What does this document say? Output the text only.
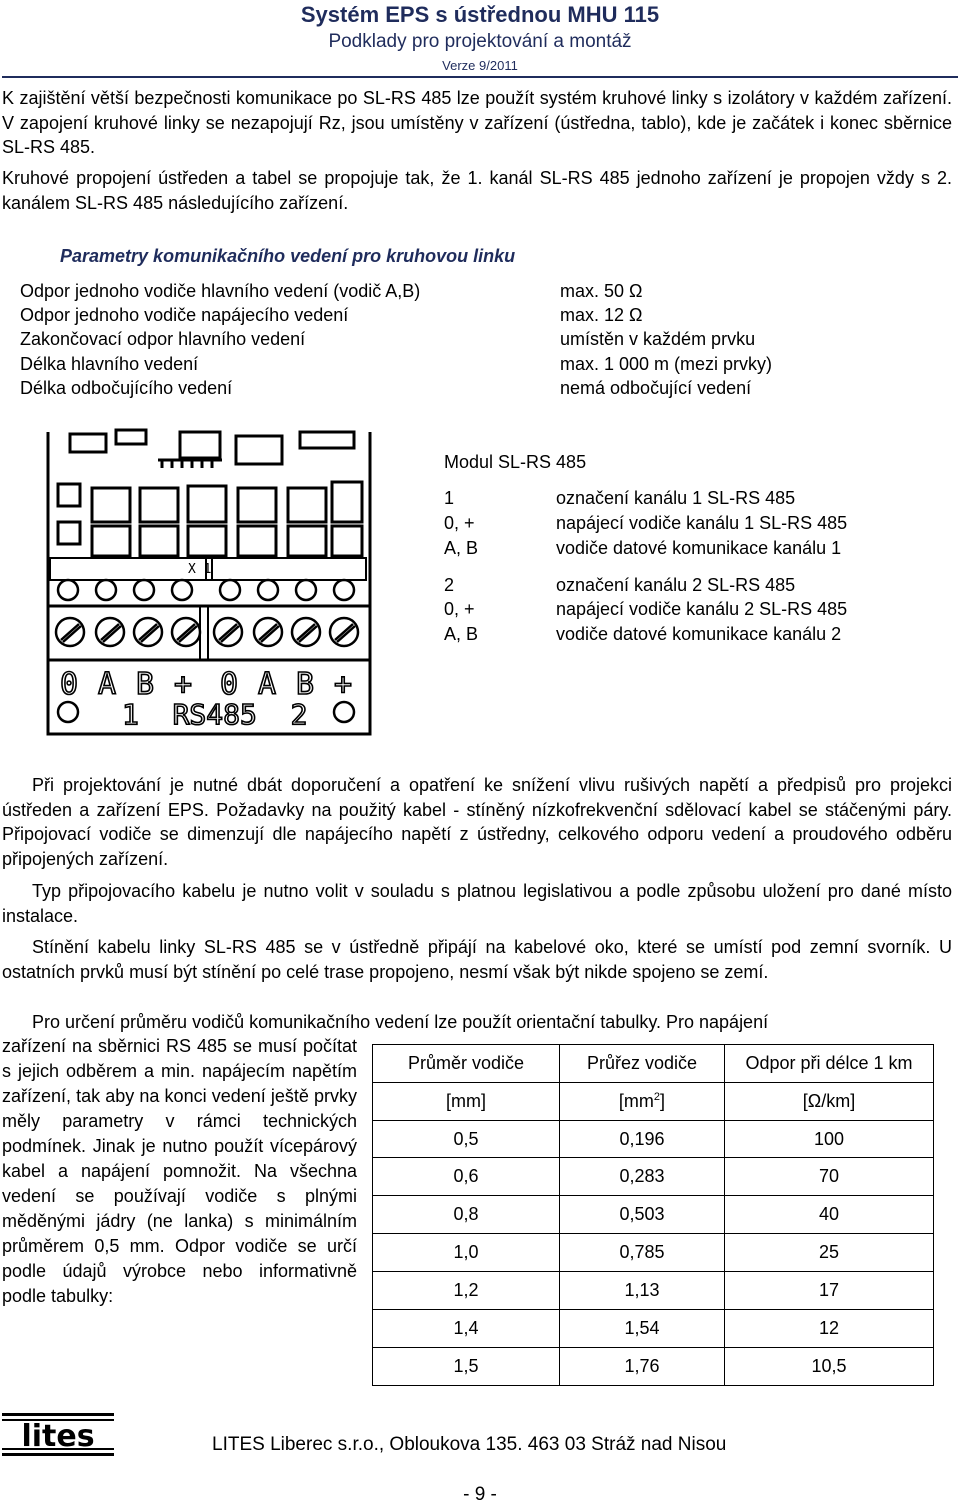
Systém EPS s ústřednou MHU 115
Podklady pro projektování a montáž
Verze 9/2011
K zajištění větší bezpečnosti komunikace po SL-RS 485 lze použít systém kruhové linky s izolátory v každém zařízení. V zapojení kruhové linky se nezapojují Rz, jsou umístěny v zařízení (ústředna, tablo), kde je začátek i konec sběrnice SL-RS 485.
Kruhové propojení ústředen a tabel se propojuje tak, že 1. kanál SL-RS 485 jednoho zařízení je propojen vždy s 2. kanálem SL-RS 485 následujícího zařízení.
Parametry komunikačního vedení pro kruhovou linku
Odpor jednoho vodiče hlavního vedení (vodič A,B)	max. 50 Ω
Odpor jednoho vodiče napájecího vedení	max. 12 Ω
Zakončovací odpor hlavního vedení	umístěn v každém prvku
Délka hlavního vedení	max. 1 000 m (mezi prvky)
Délka odbočujícího vedení	nemá odbočující vedení
X 1
0 A B + 0 A B +
1  RS485  2
Modul SL-RS 485
1	označení kanálu 1 SL-RS 485
0, +	napájecí vodiče kanálu 1 SL-RS 485
A, B	vodiče datové komunikace kanálu 1
2	označení kanálu 2 SL-RS 485
0, +	napájecí vodiče kanálu 2 SL-RS 485
A, B	vodiče datové komunikace kanálu 2
Při projektování je nutné dbát doporučení a opatření ke snížení vlivu rušivých napětí a předpisů pro projekci ústředen a zařízení EPS. Požadavky na použitý kabel - stíněný nízkofrekvenční sdělovací kabel se stáčenými páry. Připojovací vodiče se dimenzují dle napájecího napětí z ústředny, celkového odporu vedení a proudového odběru připojených zařízení.
Typ připojovacího kabelu je nutno volit v souladu s platnou legislativou a podle způsobu uložení pro dané místo instalace.
Stínění kabelu linky SL-RS 485 se v ústředně připájí na kabelové oko, které se umístí pod zemní svorník. U ostatních prvků musí být stínění po celé trase propojeno, nesmí však být nikde spojeno se zemí.
Pro určení průměru vodičů komunikačního vedení lze použít orientační tabulky. Pro napájení
zařízení na sběrnici RS 485 se musí počítat s jejich odběrem a min. napájecím napětím zařízení, tak aby na konci vedení ještě prvky měly parametry v rámci technických podmínek. Jinak je nutno použít vícepárový kabel a napájení pomnožit. Na všechna vedení se používají vodiče s plnými měděnými jádry (ne lanka) s minimálním průměrem 0,5 mm. Odpor vodiče se určí podle údajů výrobce nebo informativně podle tabulky:
Průměr vodiče	Průřez vodiče	Odpor při délce 1 km
[mm]	$[mm^2]$	[Ω/km]
0,5	0,196	100
0,6	0,283	70
0,8	0,503	40
1,0	0,785	25
1,2	1,13	17
1,4	1,54	12
1,5	1,76	10,5
lites	LITES Liberec s.r.o., Obloukova 135. 463 03 Stráž nad Nisou
- 9 -
